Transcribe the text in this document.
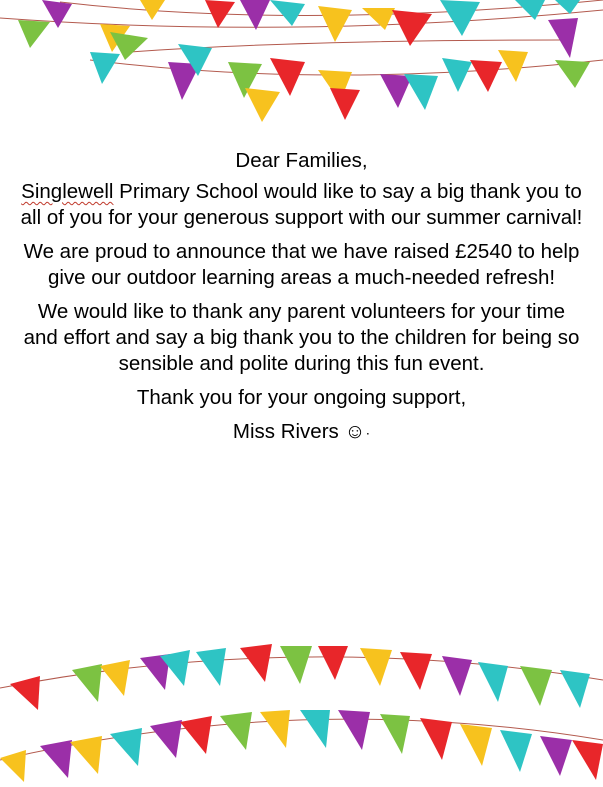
Dear Families,

Singlewell Primary School would like to say a big thank you to all of you for your generous support with our summer carnival!

We are proud to announce that we have raised £2540 to help give our outdoor learning areas a much-needed refresh!

We would like to thank any parent volunteers for your time and effort and say a big thank you to the children for being so sensible and polite during this fun event.

Thank you for your ongoing support,

Miss Rivers ☺·
